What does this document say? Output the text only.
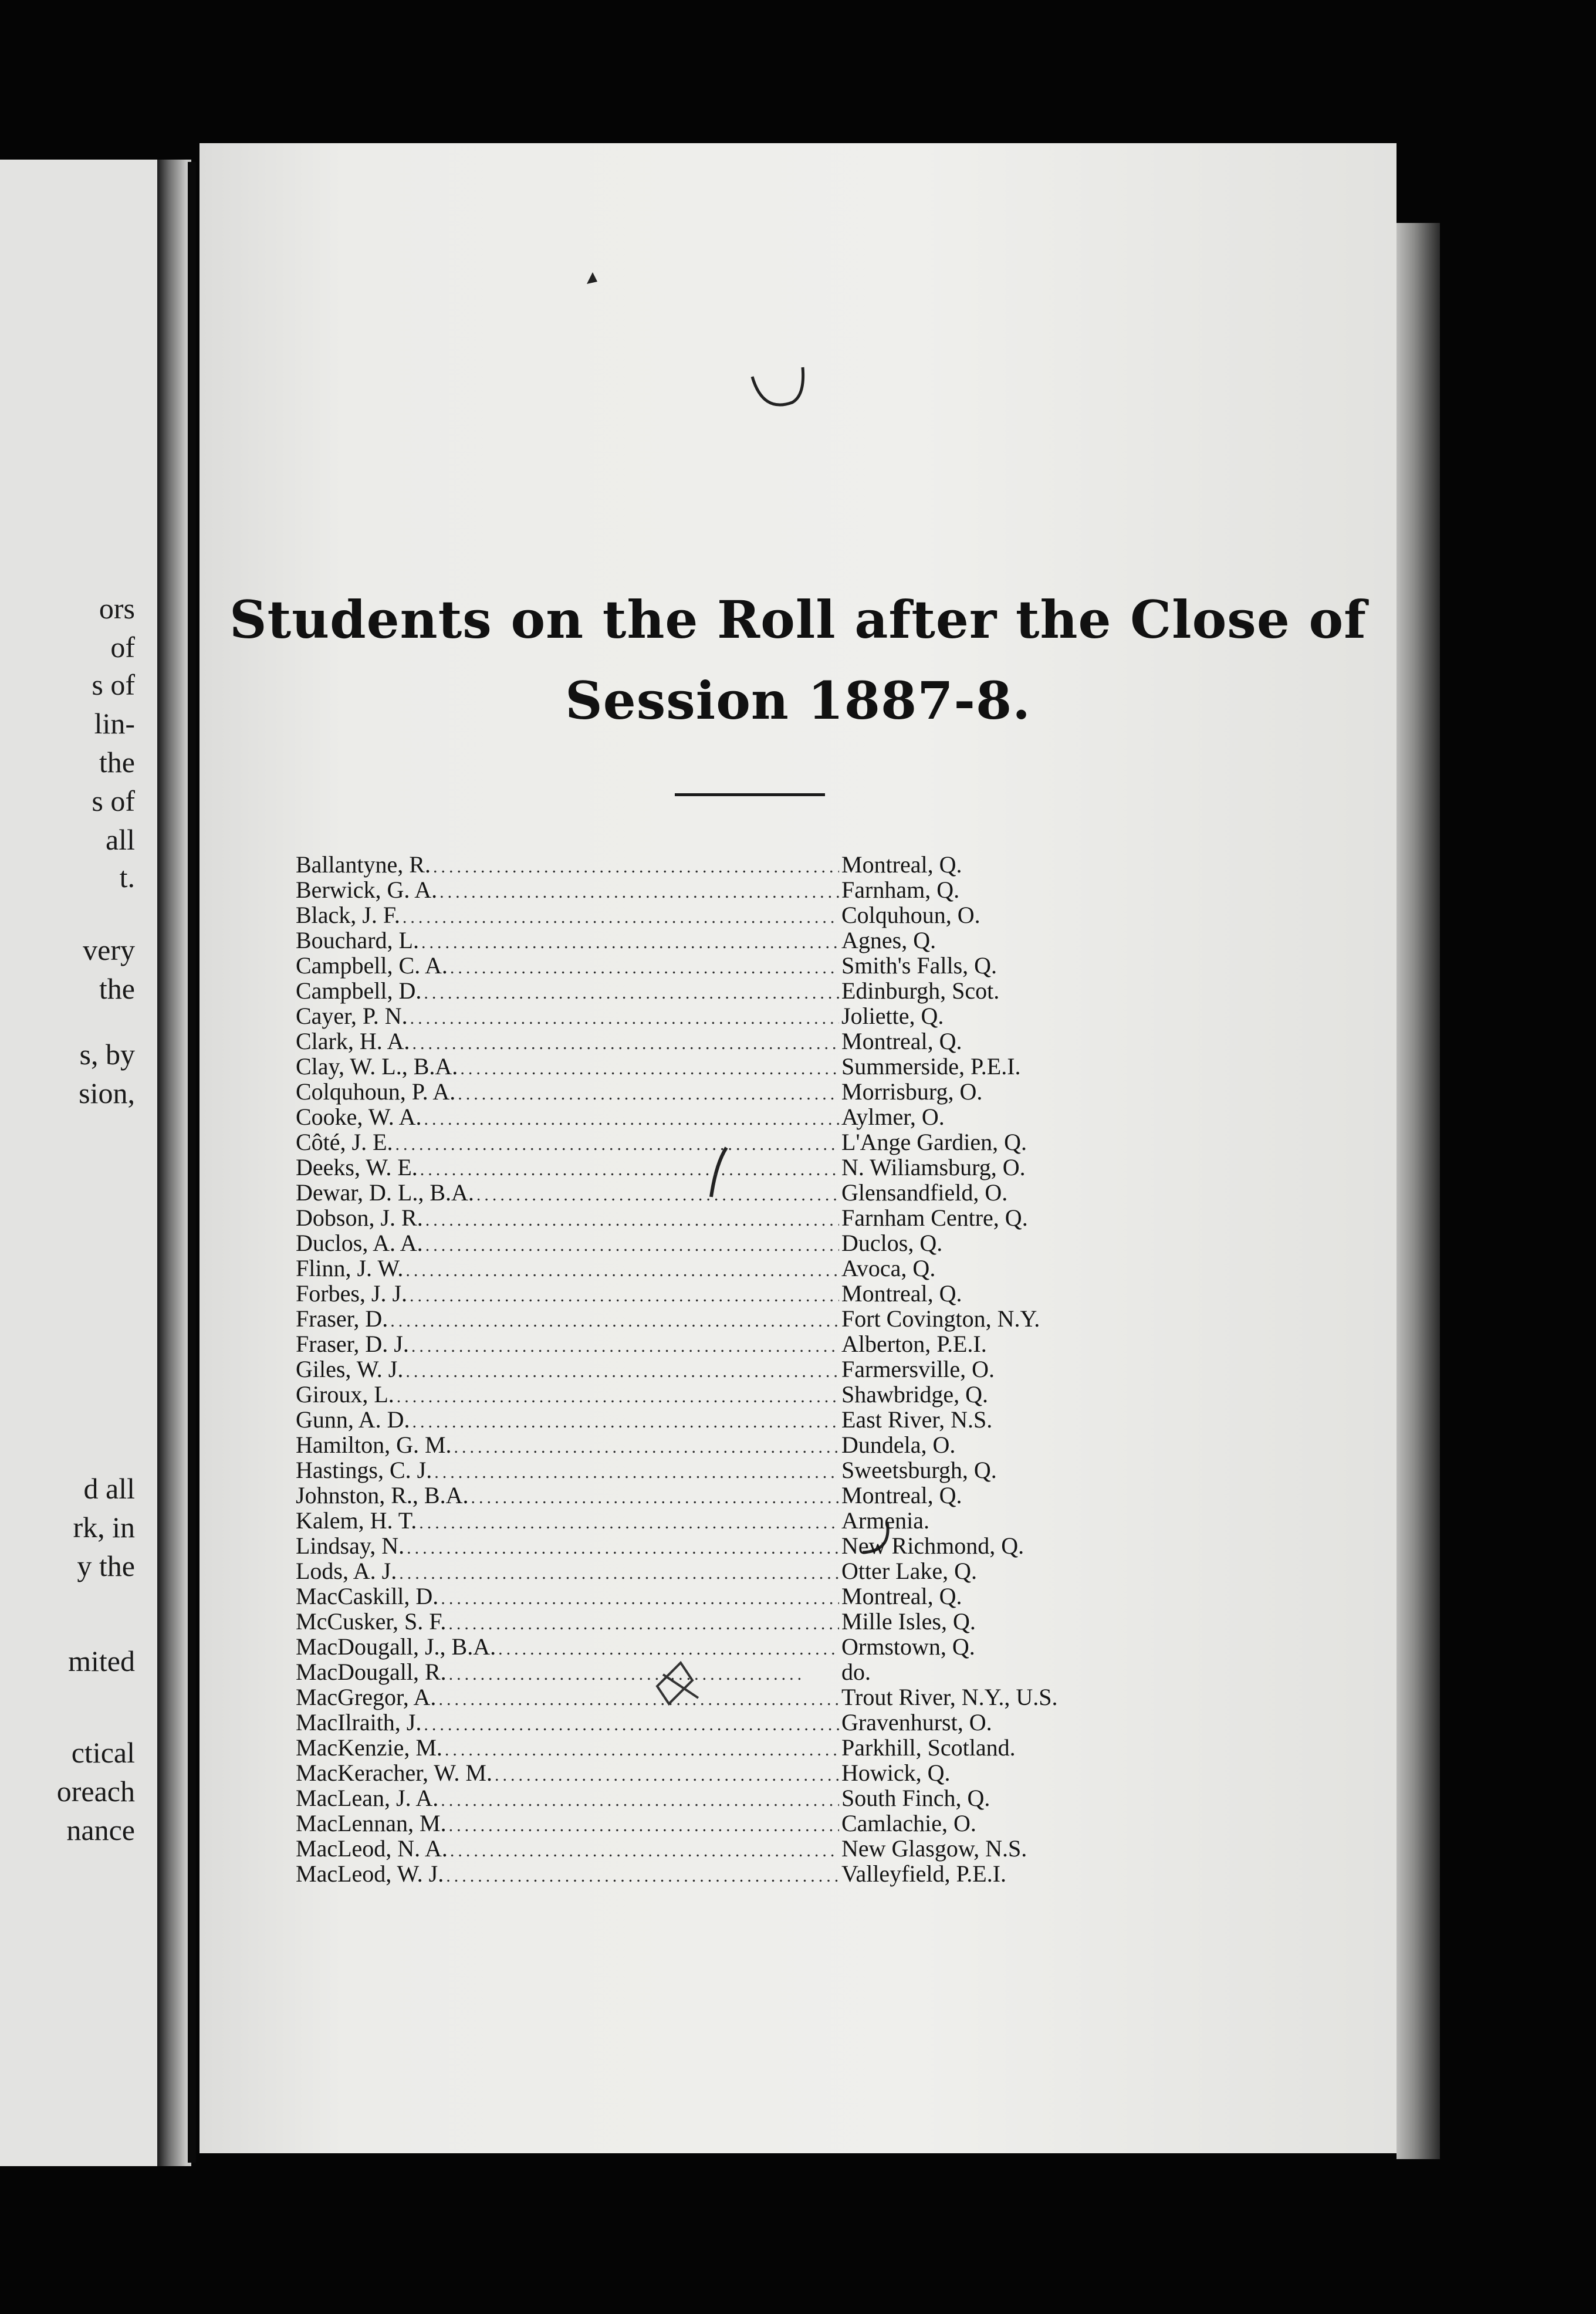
ors
of
s of
lin-
the
s of
all
t.
very
the
s, by
sion,
d all
rk, in
y the
mited
ctical
oreach
nance
Students on the Roll after the Close of
Session 1887-8.
Ballantyne, R. .....	Montreal, Q.
Berwick, G. A. .....	Farnham, Q.
Black, J. F. .....	Colquhoun, O.
Bouchard, L. .....	Agnes, Q.
Campbell, C. A. .....	Smith's Falls, Q.
Campbell, D. .....	Edinburgh, Scot.
Cayer, P. N. .....	Joliette, Q.
Clark, H. A. .....	Montreal, Q.
Clay, W. L., B.A. .....	Summerside, P.E.I.
Colquhoun, P. A. .....	Morrisburg, O.
Cooke, W. A. .....	Aylmer, O.
Côté, J. E. .....	L'Ange Gardien, Q.
Deeks, W. E. .....	N. Wiliamsburg, O.
Dewar, D. L., B.A. .....	Glensandfield, O.
Dobson, J. R. .....	Farnham Centre, Q.
Duclos, A. A. .....	Duclos, Q.
Flinn, J. W. .....	Avoca, Q.
Forbes, J. J. .....	Montreal, Q.
Fraser, D. .....	Fort Covington, N.Y.
Fraser, D. J. .....	Alberton, P.E.I.
Giles, W. J. .....	Farmersville, O.
Giroux, L. .....	Shawbridge, Q.
Gunn, A. D. .....	East River, N.S.
Hamilton, G. M. .....	Dundela, O.
Hastings, C. J. .....	Sweetsburgh, Q.
Johnston, R., B.A. .....	Montreal, Q.
Kalem, H. T. .....	Armenia.
Lindsay, N. .....	New Richmond, Q.
Lods, A. J. .....	Otter Lake, Q.
MacCaskill, D. .....	Montreal, Q.
McCusker, S. F. .....	Mille Isles, Q.
MacDougall, J., B.A. .....	Ormstown, Q.
MacDougall, R. .....	do.
MacGregor, A. .....	Trout River, N.Y., U.S.
MacIlraith, J. .....	Gravenhurst, O.
MacKenzie, M. .....	Parkhill, Scotland.
MacKeracher, W. M. .....	Howick, Q.
MacLean, J. A. .....	South Finch, Q.
MacLennan, M. .....	Camlachie, O.
MacLeod, N. A. .....	New Glasgow, N.S.
MacLeod, W. J. .....	Valleyfield, P.E.I.
